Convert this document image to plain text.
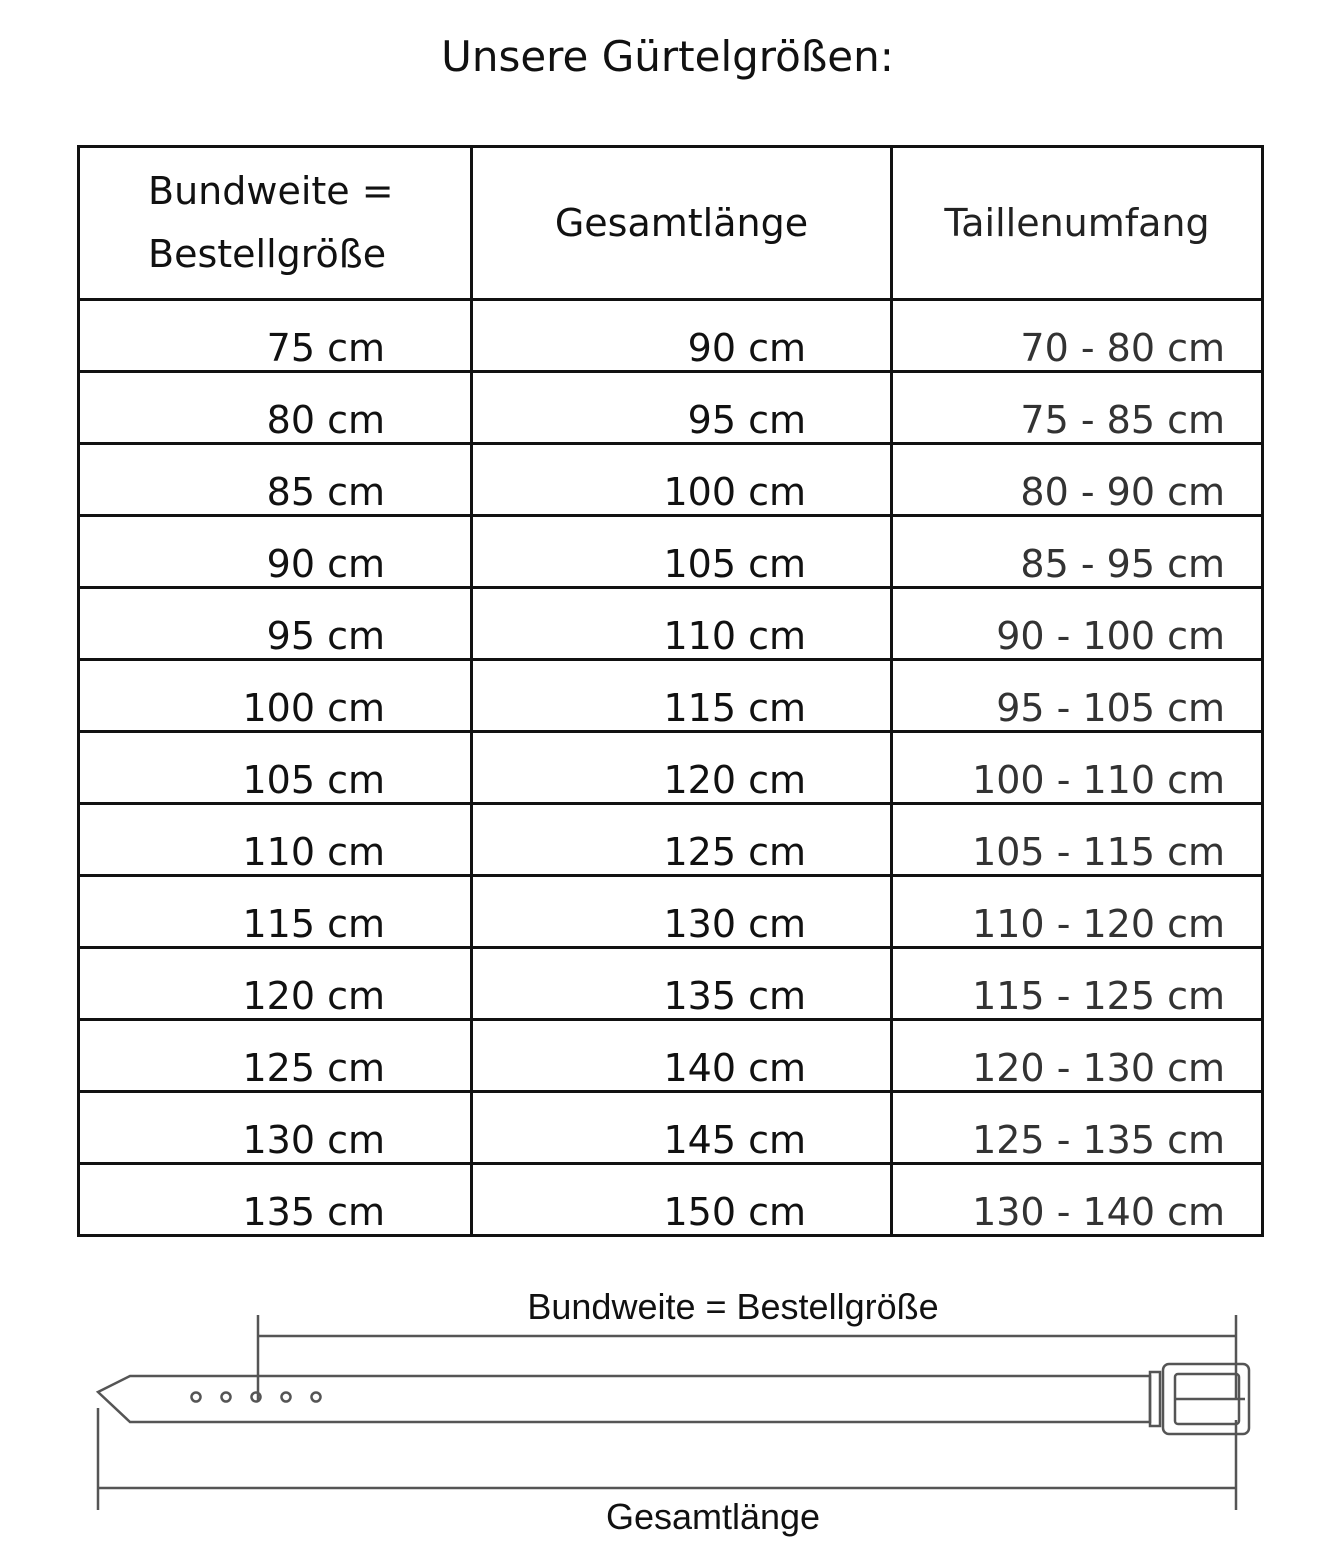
Unsere Gürtelgrößen:
Bundweite =
Bestellgröße	Gesamtlänge	Taillenumfang
75 cm	90 cm	70 - 80 cm
80 cm	95 cm	75 - 85 cm
85 cm	100 cm	80 - 90 cm
90 cm	105 cm	85 - 95 cm
95 cm	110 cm	90 - 100 cm
100 cm	115 cm	95 - 105 cm
105 cm	120 cm	100 - 110 cm
110 cm	125 cm	105 - 115 cm
115 cm	130 cm	110 - 120 cm
120 cm	135 cm	115 - 125 cm
125 cm	140 cm	120 - 130 cm
130 cm	145 cm	125 - 135 cm
135 cm	150 cm	130 - 140 cm
Bundweite = Bestellgröße
Gesamtlänge
